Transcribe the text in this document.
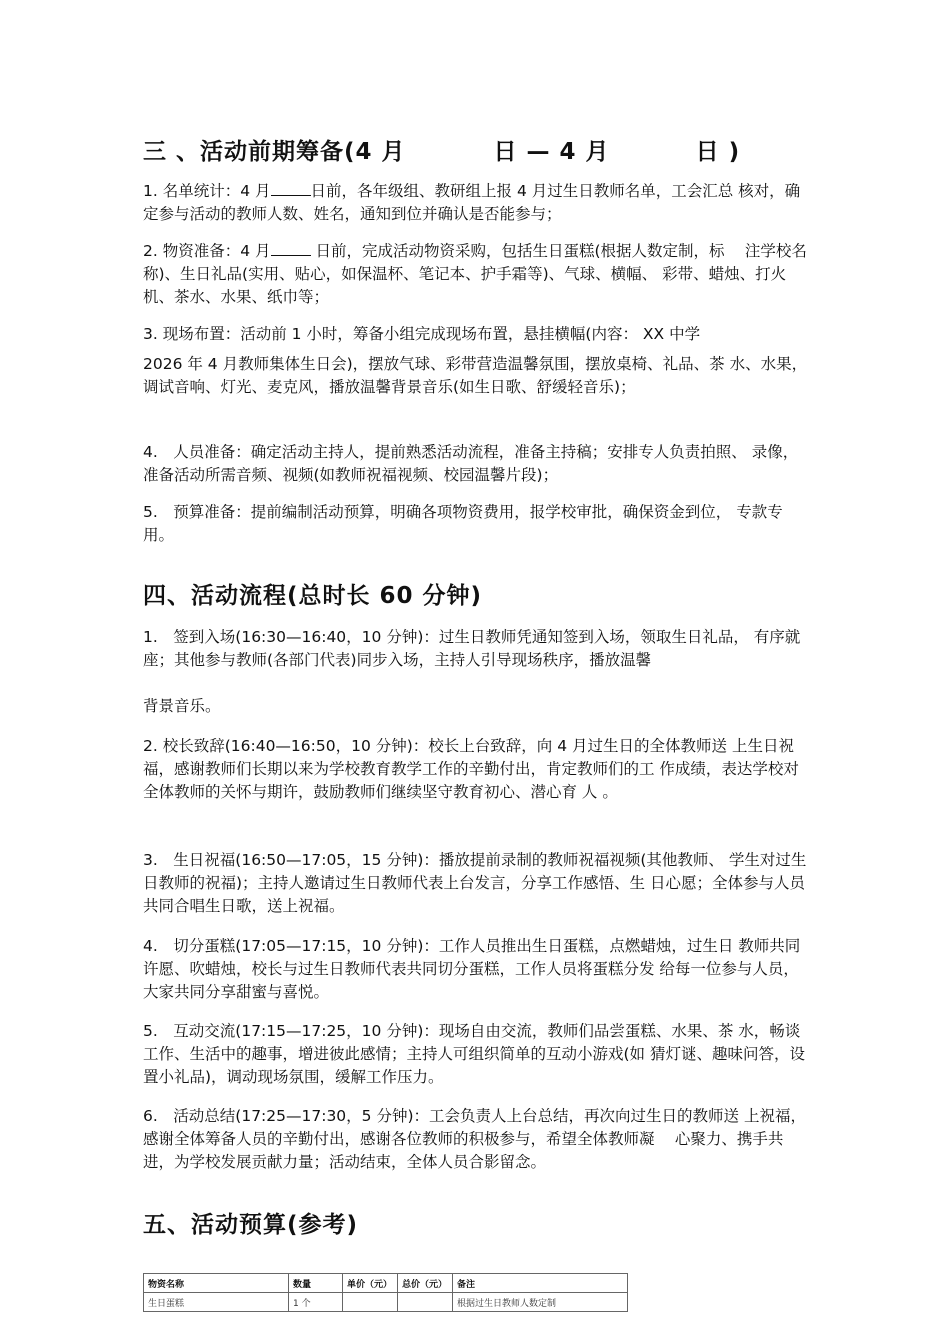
三 、活动前期筹备(4 月	日 — 4 月	日 )
1. 名单统计：4 月	日前，各年级组、教研组上报 4 月过生日教师名单，工会汇总 核对，确定参与活动的教师人数、姓名，通知到位并确认是否能参与；
2. 物资准备：4 月	日前，完成活动物资采购，包括生日蛋糕(根据人数定制，标　 注学校名称)、生日礼品(实用、贴心，如保温杯、笔记本、护手霜等)、气球、横幅、 彩带、蜡烛、打火机、茶水、水果、纸巾等；
3. 现场布置：活动前 1 小时，筹备小组完成现场布置，悬挂横幅(内容： XX 中学
2026 年 4 月教师集体生日会)，摆放气球、彩带营造温馨氛围，摆放桌椅、礼品、茶 水、水果，调试音响、灯光、麦克风，播放温馨背景音乐(如生日歌、舒缓轻音乐)；
4.　人员准备：确定活动主持人，提前熟悉活动流程，准备主持稿；安排专人负责拍照、 录像，准备活动所需音频、视频(如教师祝福视频、校园温馨片段)；
5.　预算准备：提前编制活动预算，明确各项物资费用，报学校审批，确保资金到位， 专款专用。
四、活动流程(总时长 60 分钟)
1.　签到入场(16:30—16:40，10 分钟)：过生日教师凭通知签到入场，领取生日礼品， 有序就座；其他参与教师(各部门代表)同步入场，主持人引导现场秩序，播放温馨
背景音乐。
2. 校长致辞(16:40—16:50，10 分钟)：校长上台致辞，向 4 月过生日的全体教师送 上生日祝福，感谢教师们长期以来为学校教育教学工作的辛勤付出，肯定教师们的工 作成绩，表达学校对全体教师的关怀与期许，鼓励教师们继续坚守教育初心、潜心育 人 。
3.　生日祝福(16:50—17:05，15 分钟)：播放提前录制的教师祝福视频(其他教师、 学生对过生日教师的祝福)；主持人邀请过生日教师代表上台发言，分享工作感悟、生 日心愿；全体参与人员共同合唱生日歌，送上祝福。
4.　切分蛋糕(17:05—17:15，10 分钟)：工作人员推出生日蛋糕，点燃蜡烛，过生日 教师共同许愿、吹蜡烛，校长与过生日教师代表共同切分蛋糕，工作人员将蛋糕分发 给每一位参与人员，大家共同分享甜蜜与喜悦。
5.　互动交流(17:15—17:25，10 分钟)：现场自由交流，教师们品尝蛋糕、水果、茶 水，畅谈工作、生活中的趣事，增进彼此感情；主持人可组织简单的互动小游戏(如 猜灯谜、趣味问答，设置小礼品)，调动现场氛围，缓解工作压力。
6.　活动总结(17:25—17:30，5 分钟)：工会负责人上台总结，再次向过生日的教师送 上祝福，感谢全体筹备人员的辛勤付出，感谢各位教师的积极参与，希望全体教师凝　 心聚力、携手共进，为学校发展贡献力量；活动结束，全体人员合影留念。
五、活动预算(参考)
物资名称	数量	单价（元）	总价（元）	备注
生日蛋糕	1 个			根据过生日教师人数定制
